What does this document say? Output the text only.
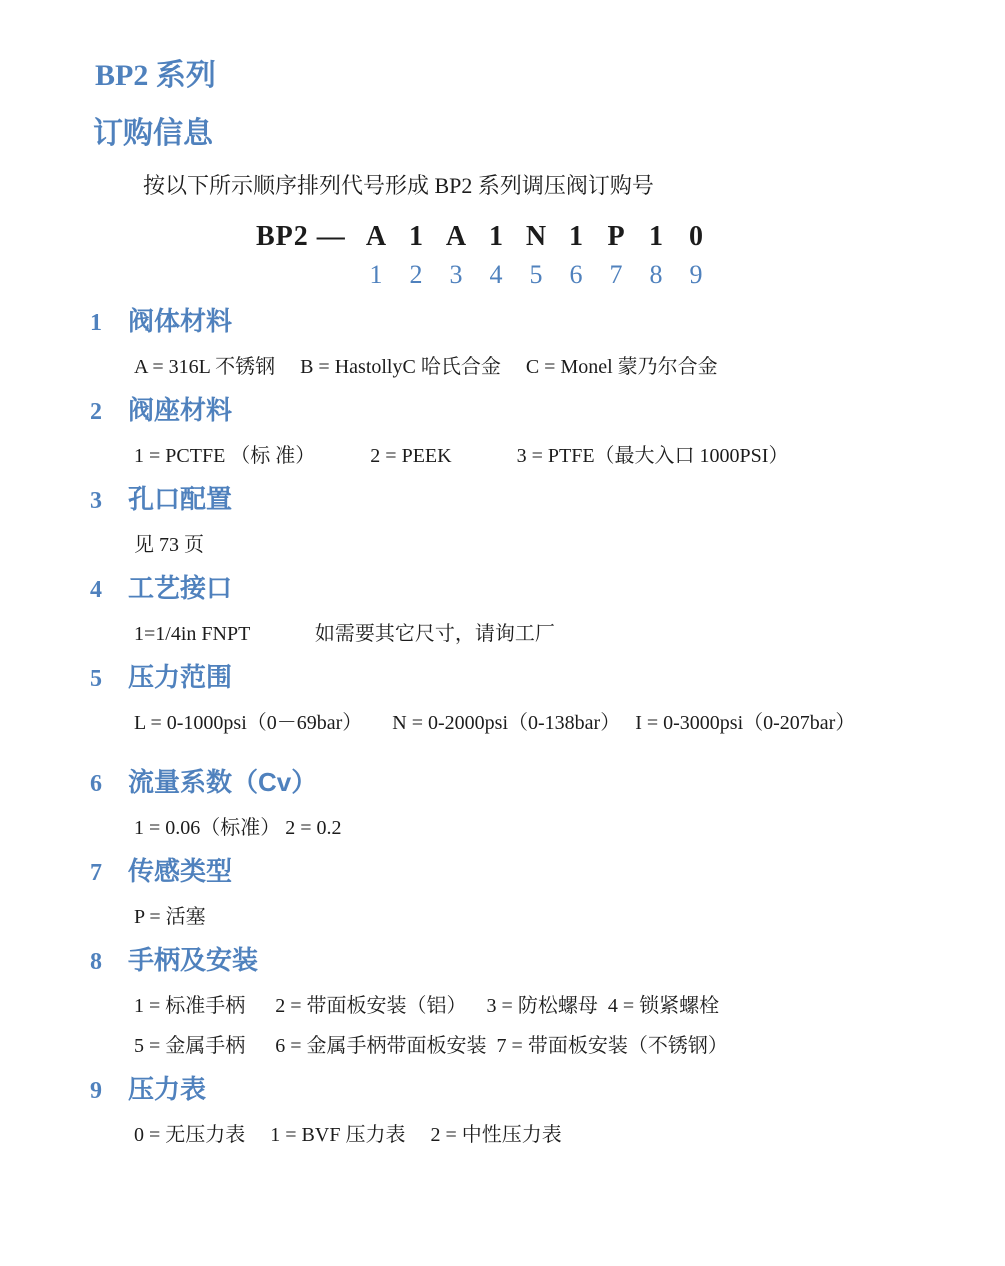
BP2 系列
订购信息
按以下所示顺序排列代号形成 BP2 系列调压阀订购号
BP2 — A 1 A 1 N 1 P 1 0
1	2	3	4	5	6	7	8	9
1	阀体材料
A = 316L 不锈钢　 B = HastollyC 哈氏合金　 C = Monel 蒙乃尔合金
2	阀座材料
1 = PCTFE （标 准）　　　 2 = PEEK　　　 3 = PTFE（最大入口 1000PSI）
3	孔口配置
见 73 页
4	工艺接口
1=1/4in FNPT　　　 如需要其它尺寸，请询工厂
5	压力范围
L = 0-1000psi（0－69bar）　　N = 0-2000psi（0-138bar）　 I = 0-3000psi（0-207bar）
6	流量系数（Cv）
1 = 0.06（标准） 2 = 0.2
7	传感类型
P = 活塞
8	手柄及安装
1 = 标准手柄　  2 = 带面板安装（铝）　  3 = 防松螺母  4 = 锁紧螺栓
5 = 金属手柄　  6 = 金属手柄带面板安装  7 = 带面板安装（不锈钢）
9	压力表
0 = 无压力表　 1 = BVF 压力表　 2 = 中性压力表
